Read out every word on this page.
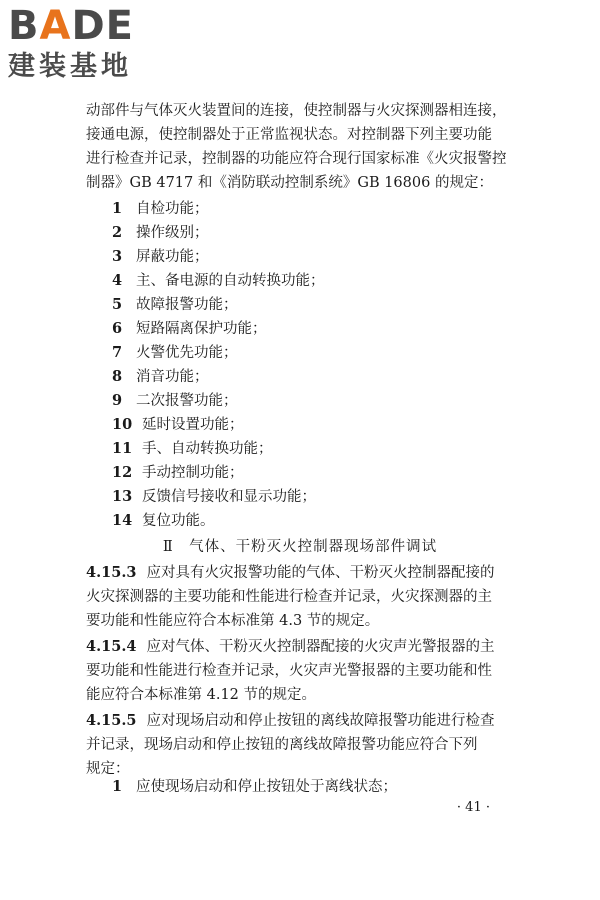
BADE
建装基地
动部件与气体灭火装置间的连接，使控制器与火灾探测器相连接，
接通电源，使控制器处于正常监视状态。对控制器下列主要功能
进行检查并记录，控制器的功能应符合现行国家标准《火灾报警控
制器》GB 4717 和《消防联动控制系统》GB 16806 的规定：
1 自检功能；
2 操作级别；
3 屏蔽功能；
4 主、备电源的自动转换功能；
5 故障报警功能；
6 短路隔离保护功能；
7 火警优先功能；
8 消音功能；
9 二次报警功能；
10 延时设置功能；
11 手、自动转换功能；
12 手动控制功能；
13 反馈信号接收和显示功能；
14 复位功能。
Ⅱ　气体、干粉灭火控制器现场部件调试
4.15.3 应对具有火灾报警功能的气体、干粉灭火控制器配接的
火灾探测器的主要功能和性能进行检查并记录，火灾探测器的主
要功能和性能应符合本标准第 4.3 节的规定。
4.15.4 应对气体、干粉灭火控制器配接的火灾声光警报器的主
要功能和性能进行检查并记录，火灾声光警报器的主要功能和性
能应符合本标准第 4.12 节的规定。
4.15.5 应对现场启动和停止按钮的离线故障报警功能进行检查
并记录，现场启动和停止按钮的离线故障报警功能应符合下列
规定：
1 应使现场启动和停止按钮处于离线状态；
· 41 ·
